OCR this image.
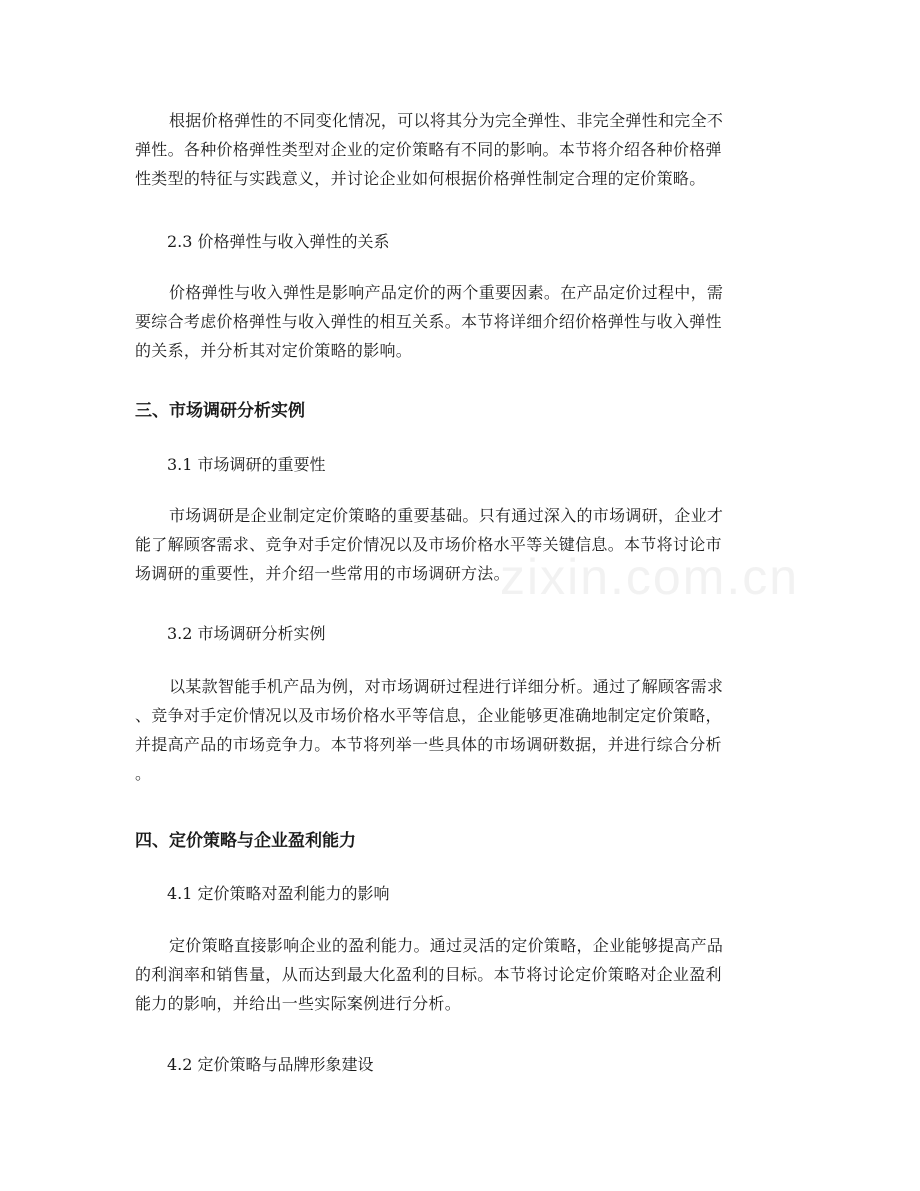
根据价格弹性的不同变化情况，可以将其分为完全弹性、非完全弹性和完全不
弹性。各种价格弹性类型对企业的定价策略有不同的影响。本节将介绍各种价格弹
性类型的特征与实践意义，并讨论企业如何根据价格弹性制定合理的定价策略。

2.3 价格弹性与收入弹性的关系

价格弹性与收入弹性是影响产品定价的两个重要因素。在产品定价过程中，需
要综合考虑价格弹性与收入弹性的相互关系。本节将详细介绍价格弹性与收入弹性
的关系，并分析其对定价策略的影响。

三、市场调研分析实例

3.1 市场调研的重要性

市场调研是企业制定定价策略的重要基础。只有通过深入的市场调研，企业才
能了解顾客需求、竞争对手定价情况以及市场价格水平等关键信息。本节将讨论市
场调研的重要性，并介绍一些常用的市场调研方法。

3.2 市场调研分析实例

以某款智能手机产品为例，对市场调研过程进行详细分析。通过了解顾客需求
、竞争对手定价情况以及市场价格水平等信息，企业能够更准确地制定定价策略，
并提高产品的市场竞争力。本节将列举一些具体的市场调研数据，并进行综合分析
。

四、定价策略与企业盈利能力

4.1 定价策略对盈利能力的影响

定价策略直接影响企业的盈利能力。通过灵活的定价策略，企业能够提高产品
的利润率和销售量，从而达到最大化盈利的目标。本节将讨论定价策略对企业盈利
能力的影响，并给出一些实际案例进行分析。

4.2 定价策略与品牌形象建设

zixin.com.cn
